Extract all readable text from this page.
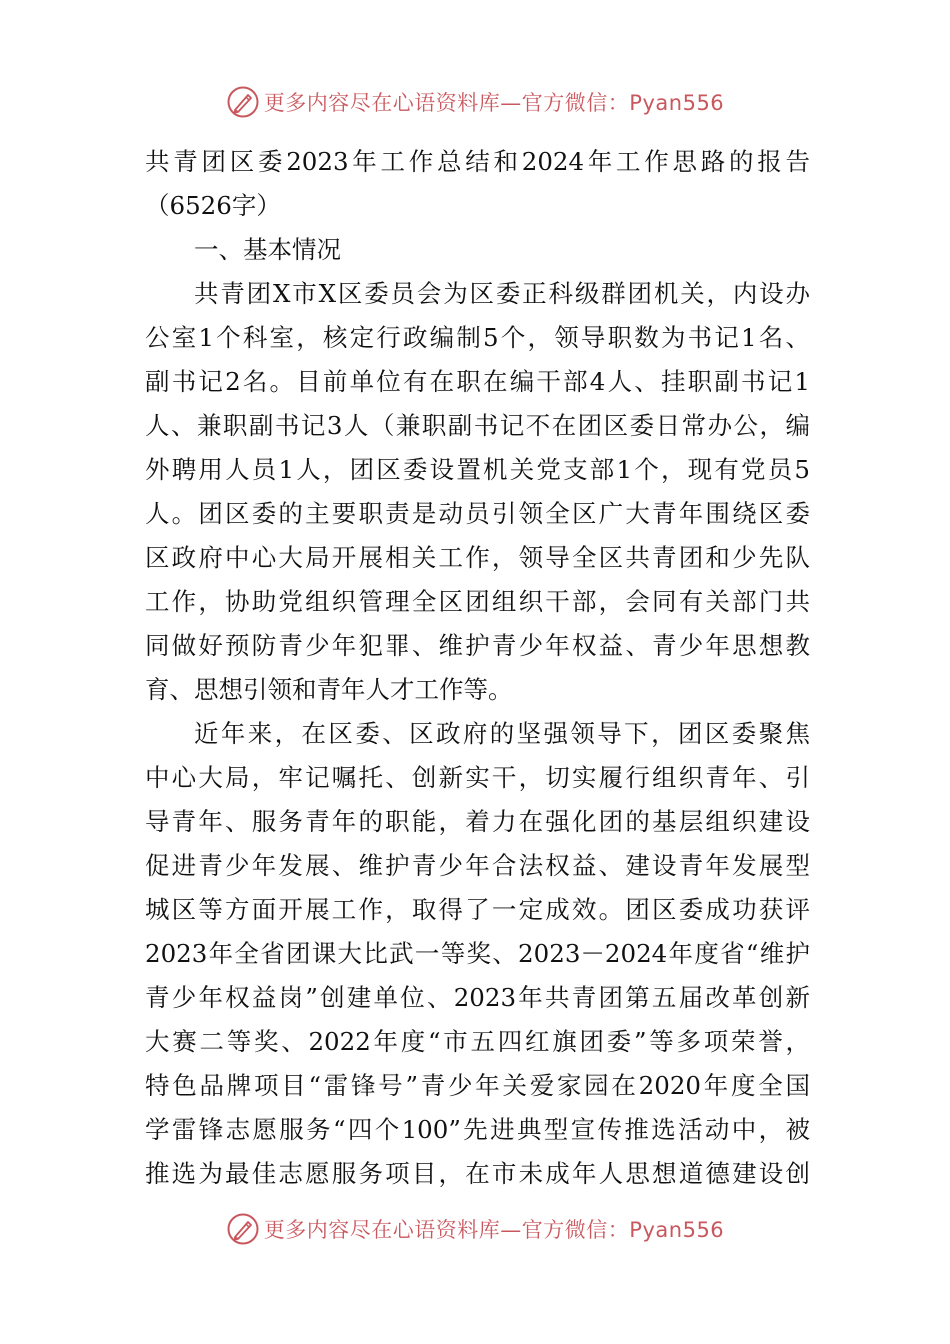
更多内容尽在心语资料库—官方微信：Pyan556
共青团区委2023年工作总结和2024年工作思路的报告
（6526字）
一、基本情况
共青团X市X区委员会为区委正科级群团机关，内设办
公室1个科室，核定行政编制5个，领导职数为书记1名、
副书记2名。目前单位有在职在编干部4人、挂职副书记1
人、兼职副书记3人（兼职副书记不在团区委日常办公，编
外聘用人员1人，团区委设置机关党支部1个，现有党员5
人。团区委的主要职责是动员引领全区广大青年围绕区委
区政府中心大局开展相关工作，领导全区共青团和少先队
工作，协助党组织管理全区团组织干部，会同有关部门共
同做好预防青少年犯罪、维护青少年权益、青少年思想教
育、思想引领和青年人才工作等。
近年来，在区委、区政府的坚强领导下，团区委聚焦
中心大局，牢记嘱托、创新实干，切实履行组织青年、引
导青年、服务青年的职能，着力在强化团的基层组织建设
促进青少年发展、维护青少年合法权益、建设青年发展型
城区等方面开展工作，取得了一定成效。团区委成功获评
2023年全省团课大比武一等奖、2023－2024年度省“维护
青少年权益岗”创建单位、2023年共青团第五届改革创新
大赛二等奖、2022年度“市五四红旗团委”等多项荣誉，
特色品牌项目“雷锋号”青少年关爱家园在2020年度全国
学雷锋志愿服务“四个100”先进典型宣传推选活动中，被
推选为最佳志愿服务项目，在市未成年人思想道德建设创
更多内容尽在心语资料库—官方微信：Pyan556
